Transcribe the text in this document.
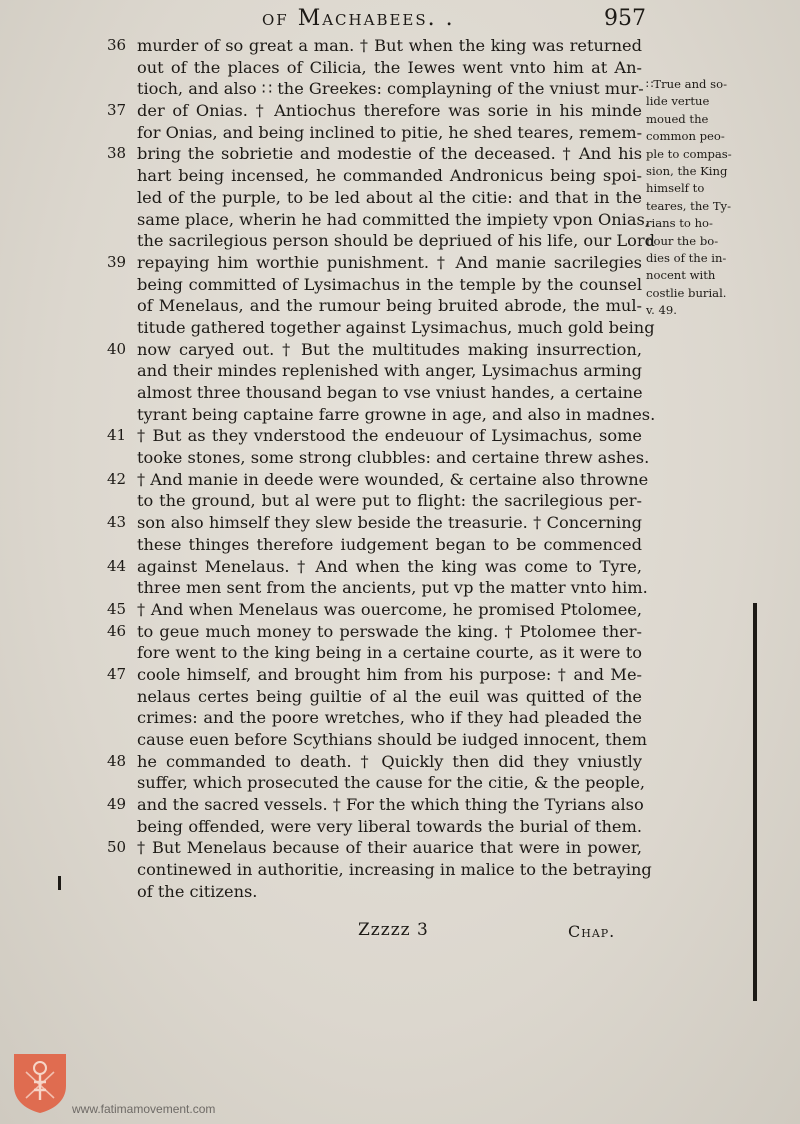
of Machabees. .	957
36 murder of so great a man. † But when the king was returned
out of the places of Cilicia, the Iewes went vnto him at An-
tioch, and also ∷ the Greekes: complayning of the vniust mur-
37 der of Onias. † Antiochus therefore was sorie in his minde
for Onias, and being inclined to pitie, he shed teares, remem-
38 bring the sobrietie and modestie of the deceased. † And his
hart being incensed, he commanded Andronicus being spoi-
led of the purple, to be led about al the citie: and that in the
same place, wherin he had committed the impiety vpon Onias,
the sacrilegious person should be depriued of his life, our Lord
39 repaying him worthie punishment. † And manie sacrilegies
being committed of Lysimachus in the temple by the counsel
of Menelaus, and the rumour being bruited abrode, the mul-
titude gathered together against Lysimachus, much gold being
40 now caryed out. † But the multitudes making insurrection,
and their mindes replenished with anger, Lysimachus arming
almost three thousand began to vse vniust handes, a certaine
tyrant being captaine farre growne in age, and also in madnes.
41 † But as they vnderstood the endeuour of Lysimachus, some
tooke stones, some strong clubbles: and certaine threw ashes.
42 † And manie in deede were wounded, & certaine also throwne
to the ground, but al were put to flight: the sacrilegious per-
43 son also himself they slew beside the treasurie. † Concerning
these thinges therefore iudgement began to be commenced
44 against Menelaus. † And when the king was come to Tyre,
three men sent from the ancients, put vp the matter vnto him.
45 † And when Menelaus was ouercome, he promised Ptolomee,
46 to geue much money to perswade the king. † Ptolomee ther-
fore went to the king being in a certaine courte, as it were to
47 coole himself, and brought him from his purpose: † and Me-
nelaus certes being guiltie of al the euil was quitted of the
crimes: and the poore wretches, who if they had pleaded the
cause euen before Scythians should be iudged innocent, them
48 he commanded to death. † Quickly then did they vniustly
suffer, which prosecuted the cause for the citie, & the people,
49 and the sacred vessels. † For the which thing the Tyrians also
being offended, were very liberal towards the burial of them.
50 † But Menelaus because of their auarice that were in power,
continewed in authoritie, increasing in malice to the betraying
of the citizens.
∷True and so-
lide vertue
moued the
common peo-
ple to compas-
sion, the King
himself to
teares, the Ty-
rians to ho-
nour the bo-
dies of the in-
nocent with
costlie burial.
v. 49.
Zzzzz 3	Chap.
www.fatimamovement.com
